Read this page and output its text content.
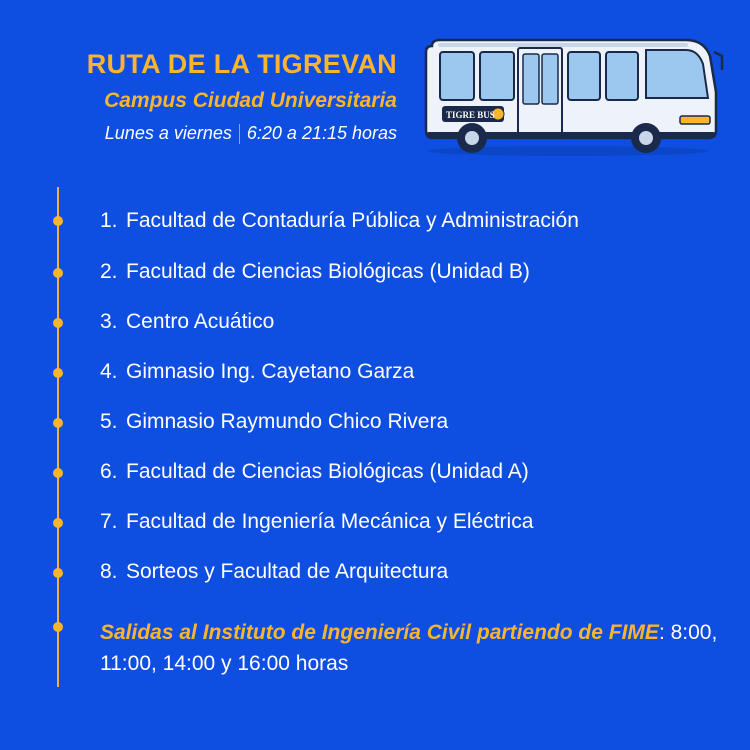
RUTA DE LA TIGREVAN
Campus Ciudad Universitaria
Lunes a viernes 6:20 a 21:15 horas
TIGRE BUS
1. Facultad de Contaduría Pública y Administración
2. Facultad de Ciencias Biológicas (Unidad B)
3. Centro Acuático
4. Gimnasio Ing. Cayetano Garza
5. Gimnasio Raymundo Chico Rivera
6. Facultad de Ciencias Biológicas (Unidad A)
7. Facultad de Ingeniería Mecánica y Eléctrica
8. Sorteos y Facultad de Arquitectura
Salidas al Instituto de Ingeniería Civil partiendo de FIME: 8:00, 11:00, 14:00 y 16:00 horas
